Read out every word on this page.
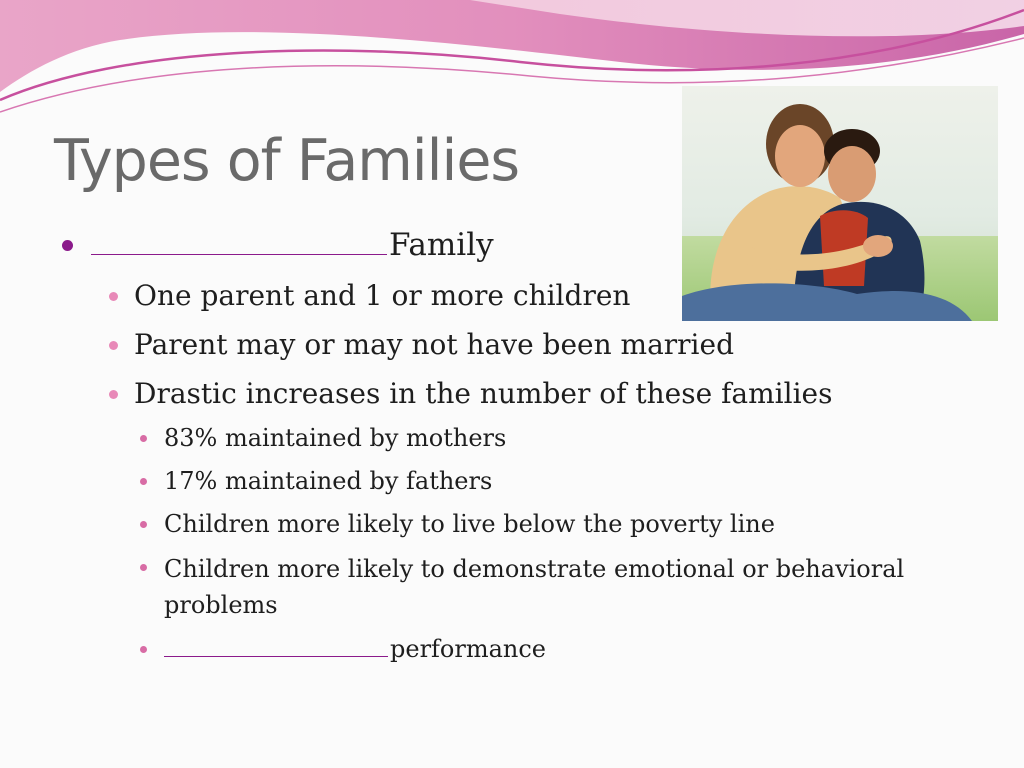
Types of Families
Family
One parent and 1 or more children
Parent may or may not have been married
Drastic increases in the number of these families
83% maintained by mothers
17% maintained by fathers
Children more likely to live below the poverty line
Children more likely to demonstrate emotional or behavioral problems
performance
